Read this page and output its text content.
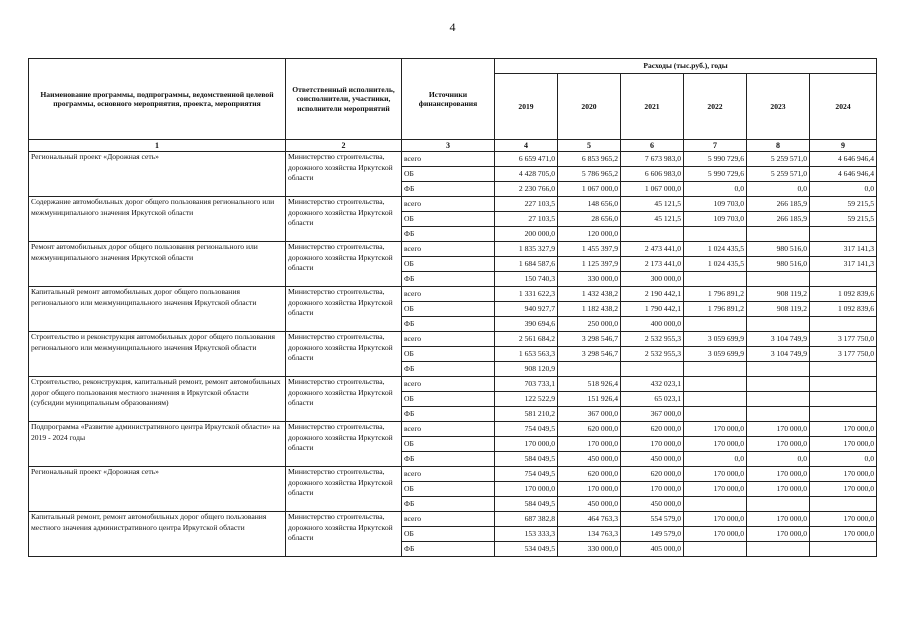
4
Наименование программы, подпрограммы, ведомственной целевой программы, основного мероприятия, проекта, мероприятия	Ответственный исполнитель, соисполнители, участники, исполнители мероприятий	Источники финансирования	Расходы (тыс.руб.), годы					
			2019	2020	2021	2022	2023	2024
1	2	3	4	5	6	7	8	9
Региональный проект «Дорожная сеть»	Министерство строительства, дорожного хозяйства Иркутской области	всего	6 659 471,0	6 853 965,2	7 673 983,0	5 990 729,6	5 259 571,0	4 646 946,4
		ОБ	4 428 705,0	5 786 965,2	6 606 983,0	5 990 729,6	5 259 571,0	4 646 946,4
		ФБ	2 230 766,0	1 067 000,0	1 067 000,0	0,0	0,0	0,0
Содержание автомобильных дорог общего пользования регионального или межмуниципального значения Иркутской области	Министерство строительства, дорожного хозяйства Иркутской области	всего	227 103,5	148 656,0	45 121,5	109 703,0	266 185,9	59 215,5
		ОБ	27 103,5	28 656,0	45 121,5	109 703,0	266 185,9	59 215,5
		ФБ	200 000,0	120 000,0				
Ремонт автомобильных дорог общего пользования регионального или межмуниципального значения Иркутской области	Министерство строительства, дорожного хозяйства Иркутской области	всего	1 835 327,9	1 455 397,9	2 473 441,0	1 024 435,5	980 516,0	317 141,3
		ОБ	1 684 587,6	1 125 397,9	2 173 441,0	1 024 435,5	980 516,0	317 141,3
		ФБ	150 740,3	330 000,0	300 000,0			
Капитальный ремонт автомобильных дорог общего пользования регионального или межмуниципального значения Иркутской области	Министерство строительства, дорожного хозяйства Иркутской области	всего	1 331 622,3	1 432 438,2	2 190 442,1	1 796 891,2	908 119,2	1 092 839,6
		ОБ	940 927,7	1 182 438,2	1 790 442,1	1 796 891,2	908 119,2	1 092 839,6
		ФБ	390 694,6	250 000,0	400 000,0			
Строительство и реконструкция автомобильных дорог общего пользования регионального или межмуниципального значения Иркутской области	Министерство строительства, дорожного хозяйства Иркутской области	всего	2 561 684,2	3 298 546,7	2 532 955,3	3 059 699,9	3 104 749,9	3 177 750,0
		ОБ	1 653 563,3	3 298 546,7	2 532 955,3	3 059 699,9	3 104 749,9	3 177 750,0
		ФБ	908 120,9					
Строительство, реконструкция, капитальный ремонт, ремонт автомобильных дорог общего пользования местного значения в Иркутской области (субсидии муниципальным образованиям)	Министерство строительства, дорожного хозяйства Иркутской области	всего	703 733,1	518 926,4	432 023,1			
		ОБ	122 522,9	151 926,4	65 023,1			
		ФБ	581 210,2	367 000,0	367 000,0			
Подпрограмма «Развитие административного центра Иркутской области» на 2019 - 2024 годы	Министерство строительства, дорожного хозяйства Иркутской области	всего	754 049,5	620 000,0	620 000,0	170 000,0	170 000,0	170 000,0
		ОБ	170 000,0	170 000,0	170 000,0	170 000,0	170 000,0	170 000,0
		ФБ	584 049,5	450 000,0	450 000,0	0,0	0,0	0,0
Региональный проект «Дорожная сеть»	Министерство строительства, дорожного хозяйства Иркутской области	всего	754 049,5	620 000,0	620 000,0	170 000,0	170 000,0	170 000,0
		ОБ	170 000,0	170 000,0	170 000,0	170 000,0	170 000,0	170 000,0
		ФБ	584 049,5	450 000,0	450 000,0			
Капитальный ремонт, ремонт автомобильных дорог общего пользования местного значения административного центра Иркутской области	Министерство строительства, дорожного хозяйства Иркутской области	всего	687 382,8	464 763,3	554 579,0	170 000,0	170 000,0	170 000,0
		ОБ	153 333,3	134 763,3	149 579,0	170 000,0	170 000,0	170 000,0
		ФБ	534 049,5	330 000,0	405 000,0			
